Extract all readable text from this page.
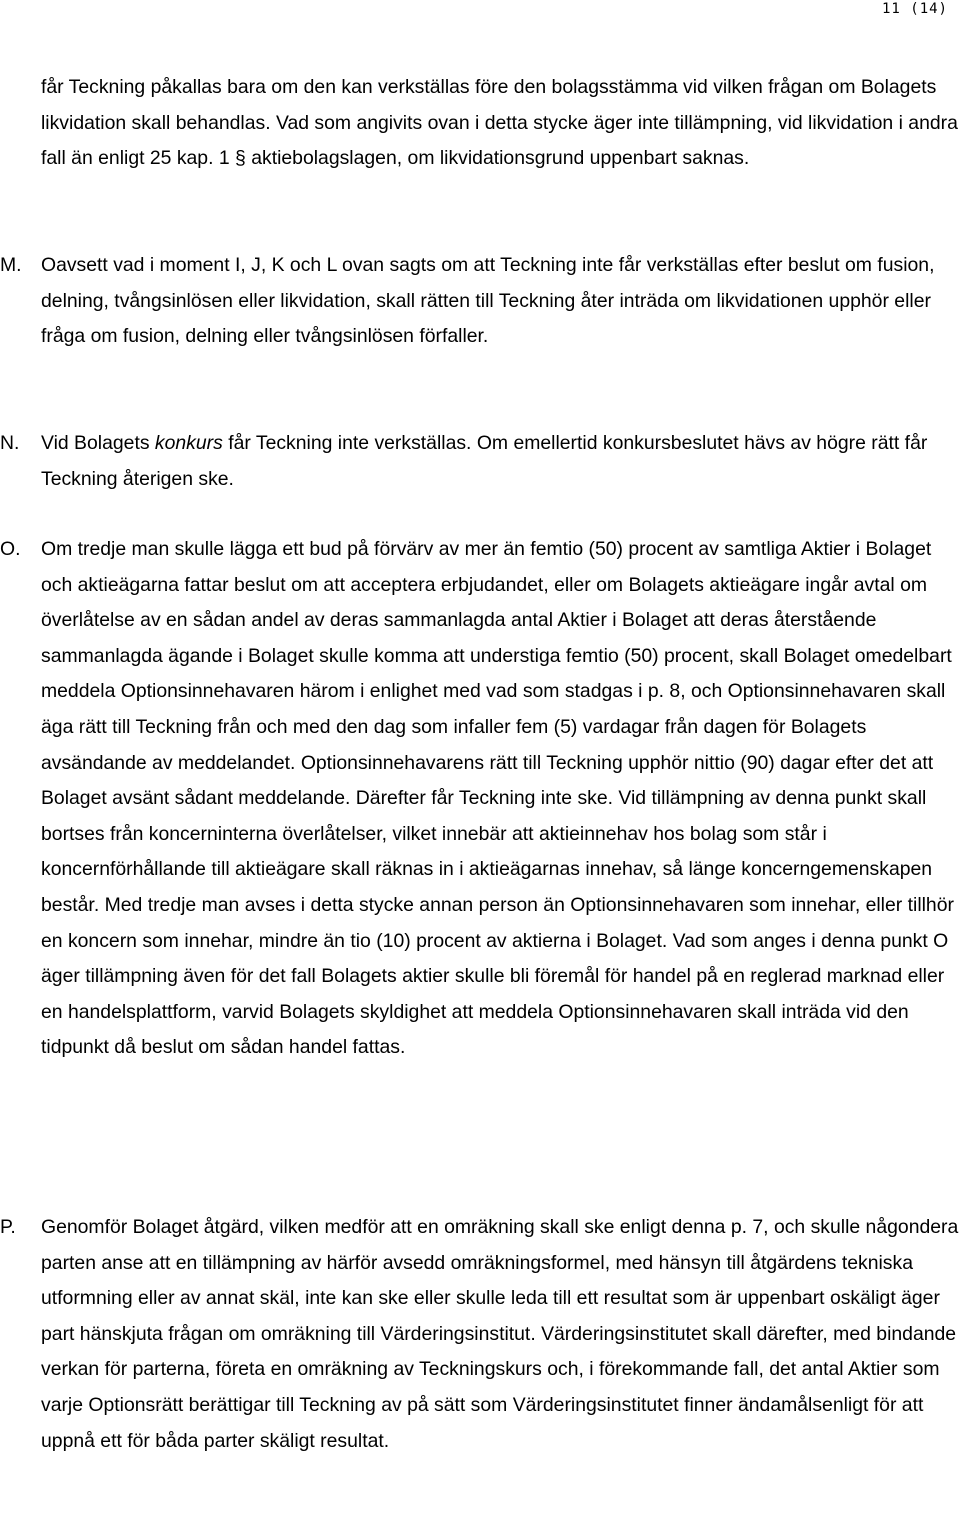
11 (14)
får Teckning påkallas bara om den kan verkställas före den bolagsstämma vid vilken frågan om Bolagets likvidation skall behandlas. Vad som angivits ovan i detta stycke äger inte tillämpning, vid likvidation i andra fall än enligt 25 kap. 1 § aktiebolagslagen, om likvidationsgrund uppenbart saknas.
M. Oavsett vad i moment I, J, K och L ovan sagts om att Teckning inte får verkställas efter beslut om fusion, delning, tvångsinlösen eller likvidation, skall rätten till Teckning åter inträda om likvidationen upphör eller fråga om fusion, delning eller tvångsinlösen förfaller.
N. Vid Bolagets konkurs får Teckning inte verkställas. Om emellertid konkursbeslutet hävs av högre rätt får Teckning återigen ske.
O. Om tredje man skulle lägga ett bud på förvärv av mer än femtio (50) procent av samtliga Aktier i Bolaget och aktieägarna fattar beslut om att acceptera erbjudandet, eller om Bolagets aktieägare ingår avtal om överlåtelse av en sådan andel av deras sammanlagda antal Aktier i Bolaget att deras återstående sammanlagda ägande i Bolaget skulle komma att understiga femtio (50) procent, skall Bolaget omedelbart meddela Optionsinnehavaren härom i enlighet med vad som stadgas i p. 8, och Optionsinnehavaren skall äga rätt till Teckning från och med den dag som infaller fem (5) vardagar från dagen för Bolagets avsändande av meddelandet. Optionsinnehavarens rätt till Teckning upphör nittio (90) dagar efter det att Bolaget avsänt sådant meddelande. Därefter får Teckning inte ske. Vid tillämpning av denna punkt skall bortses från koncerninterna överlåtelser, vilket innebär att aktieinnehav hos bolag som står i koncernförhållande till aktieägare skall räknas in i aktieägarnas innehav, så länge koncerngemenskapen består. Med tredje man avses i detta stycke annan person än Optionsinnehavaren som innehar, eller tillhör en koncern som innehar, mindre än tio (10) procent av aktierna i Bolaget. Vad som anges i denna punkt O äger tillämpning även för det fall Bolagets aktier skulle bli föremål för handel på en reglerad marknad eller en handelsplattform, varvid Bolagets skyldighet att meddela Optionsinnehavaren skall inträda vid den tidpunkt då beslut om sådan handel fattas.
P. Genomför Bolaget åtgärd, vilken medför att en omräkning skall ske enligt denna p. 7, och skulle någondera parten anse att en tillämpning av härför avsedd omräkningsformel, med hänsyn till åtgärdens tekniska utformning eller av annat skäl, inte kan ske eller skulle leda till ett resultat som är uppenbart oskäligt äger part hänskjuta frågan om omräkning till Värderingsinstitut. Värderingsinstitutet skall därefter, med bindande verkan för parterna, företa en omräkning av Teckningskurs och, i förekommande fall, det antal Aktier som varje Optionsrätt berättigar till Teckning av på sätt som Värderingsinstitutet finner ändamålsenligt för att uppnå ett för båda parter skäligt resultat.
